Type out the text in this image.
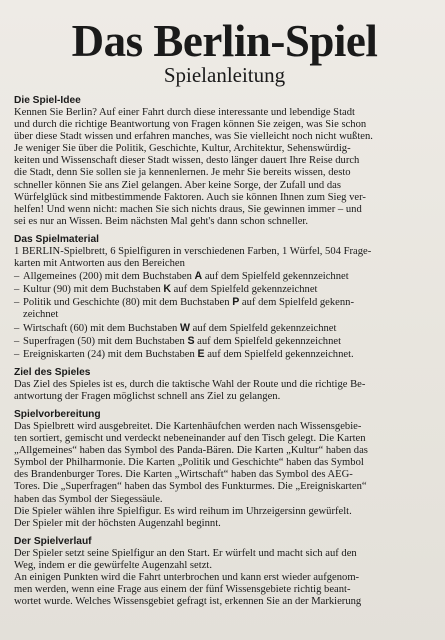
Das Berlin-Spiel
Spielanleitung
Die Spiel-Idee
Kennen Sie Berlin? Auf einer Fahrt durch diese interessante und lebendige Stadt
und durch die richtige Beantwortung von Fragen können Sie zeigen, was Sie schon
über diese Stadt wissen und erfahren manches, was Sie vielleicht noch nicht wußten.
Je weniger Sie über die Politik, Geschichte, Kultur, Architektur, Sehenswürdig-
keiten und Wissenschaft dieser Stadt wissen, desto länger dauert Ihre Reise durch
die Stadt, denn Sie sollen sie ja kennenlernen. Je mehr Sie bereits wissen, desto
schneller können Sie ans Ziel gelangen. Aber keine Sorge, der Zufall und das
Würfelglück sind mitbestimmende Faktoren. Auch sie können Ihnen zum Sieg ver-
helfen! Und wenn nicht: machen Sie sich nichts draus, Sie gewinnen immer – und
sei es nur an Wissen. Beim nächsten Mal geht's dann schon schneller.
Das Spielmaterial
1 BERLIN-Spielbrett, 6 Spielfiguren in verschiedenen Farben, 1 Würfel, 504 Frage-
karten mit Antworten aus den Bereichen
– Allgemeines (200) mit dem Buchstaben A auf dem Spielfeld gekennzeichnet
– Kultur (90) mit dem Buchstaben K auf dem Spielfeld gekennzeichnet
– Politik und Geschichte (80) mit dem Buchstaben P auf dem Spielfeld gekenn-
zeichnet
– Wirtschaft (60) mit dem Buchstaben W auf dem Spielfeld gekennzeichnet
– Superfragen (50) mit dem Buchstaben S auf dem Spielfeld gekennzeichnet
– Ereigniskarten (24) mit dem Buchstaben E auf dem Spielfeld gekennzeichnet.
Ziel des Spieles
Das Ziel des Spieles ist es, durch die taktische Wahl der Route und die richtige Be-
antwortung der Fragen möglichst schnell ans Ziel zu gelangen.
Spielvorbereitung
Das Spielbrett wird ausgebreitet. Die Kartenhäufchen werden nach Wissensgebie-
ten sortiert, gemischt und verdeckt nebeneinander auf den Tisch gelegt. Die Karten
„Allgemeines“ haben das Symbol des Panda-Bären. Die Karten „Kultur“ haben das
Symbol der Philharmonie. Die Karten „Politik und Geschichte“ haben das Symbol
des Brandenburger Tores. Die Karten „Wirtschaft“ haben das Symbol des AEG-
Tores. Die „Superfragen“ haben das Symbol des Funkturmes. Die „Ereigniskarten“
haben das Symbol der Siegessäule.
Die Spieler wählen ihre Spielfigur. Es wird reihum im Uhrzeigersinn gewürfelt.
Der Spieler mit der höchsten Augenzahl beginnt.
Der Spielverlauf
Der Spieler setzt seine Spielfigur an den Start. Er würfelt und macht sich auf den
Weg, indem er die gewürfelte Augenzahl setzt.
An einigen Punkten wird die Fahrt unterbrochen und kann erst wieder aufgenom-
men werden, wenn eine Frage aus einem der fünf Wissensgebiete richtig beant-
wortet wurde. Welches Wissensgebiet gefragt ist, erkennen Sie an der Markierung
